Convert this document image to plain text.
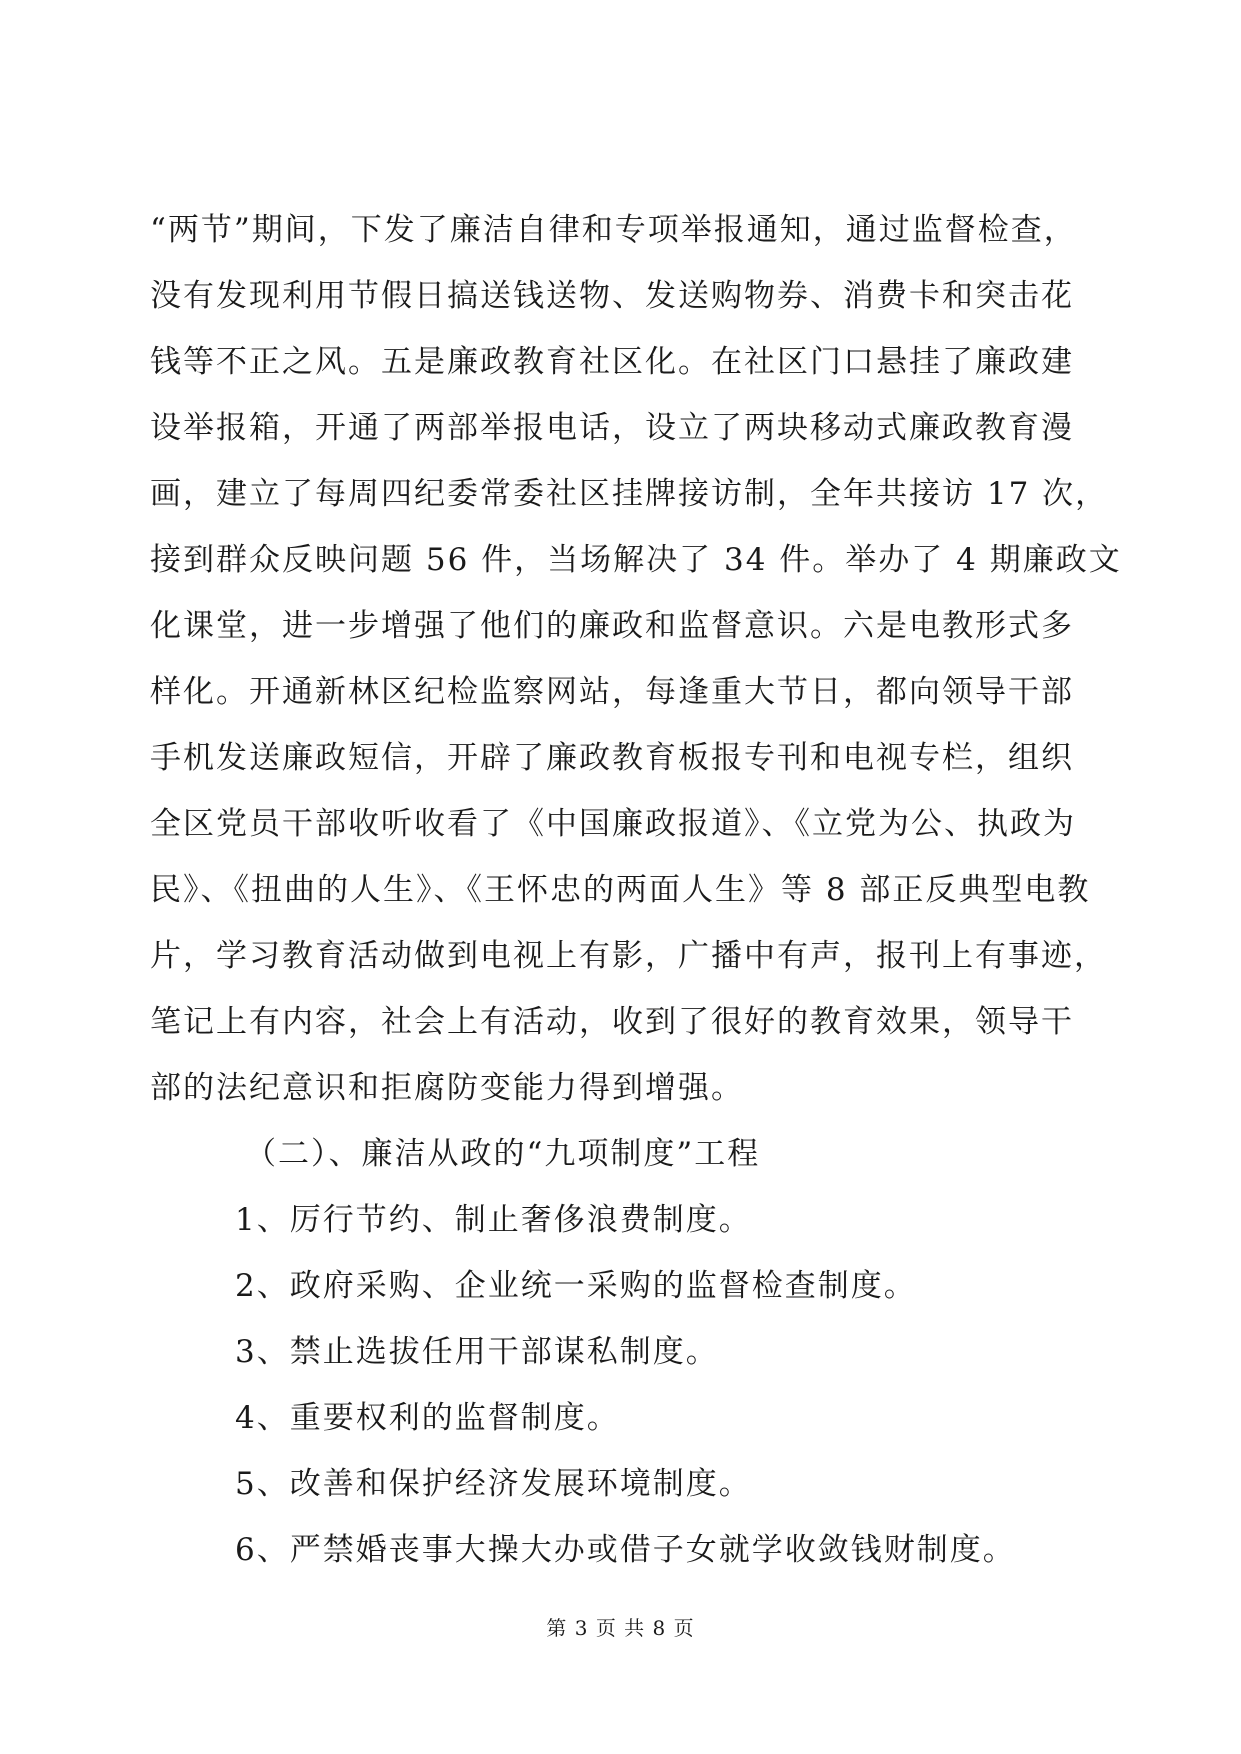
“两节”期间，下发了廉洁自律和专项举报通知，通过监督检查，
没有发现利用节假日搞送钱送物、发送购物券、消费卡和突击花
钱等不正之风。五是廉政教育社区化。在社区门口悬挂了廉政建
设举报箱，开通了两部举报电话，设立了两块移动式廉政教育漫
画，建立了每周四纪委常委社区挂牌接访制，全年共接访 17 次，
接到群众反映问题 56 件，当场解决了 34 件。举办了 4 期廉政文
化课堂，进一步增强了他们的廉政和监督意识。六是电教形式多
样化。开通新林区纪检监察网站，每逢重大节日，都向领导干部
手机发送廉政短信，开辟了廉政教育板报专刊和电视专栏，组织
全区党员干部收听收看了《中国廉政报道》、《立党为公、执政为
民》、《扭曲的人生》、《王怀忠的两面人生》等 8 部正反典型电教
片，学习教育活动做到电视上有影，广播中有声，报刊上有事迹，
笔记上有内容，社会上有活动，收到了很好的教育效果，领导干
部的法纪意识和拒腐防变能力得到增强。
（二）、廉洁从政的“九项制度”工程
1、厉行节约、制止奢侈浪费制度。
2、政府采购、企业统一采购的监督检查制度。
3、禁止选拔任用干部谋私制度。
4、重要权利的监督制度。
5、改善和保护经济发展环境制度。
6、严禁婚丧事大操大办或借子女就学收敛钱财制度。
第 3 页 共 8 页
